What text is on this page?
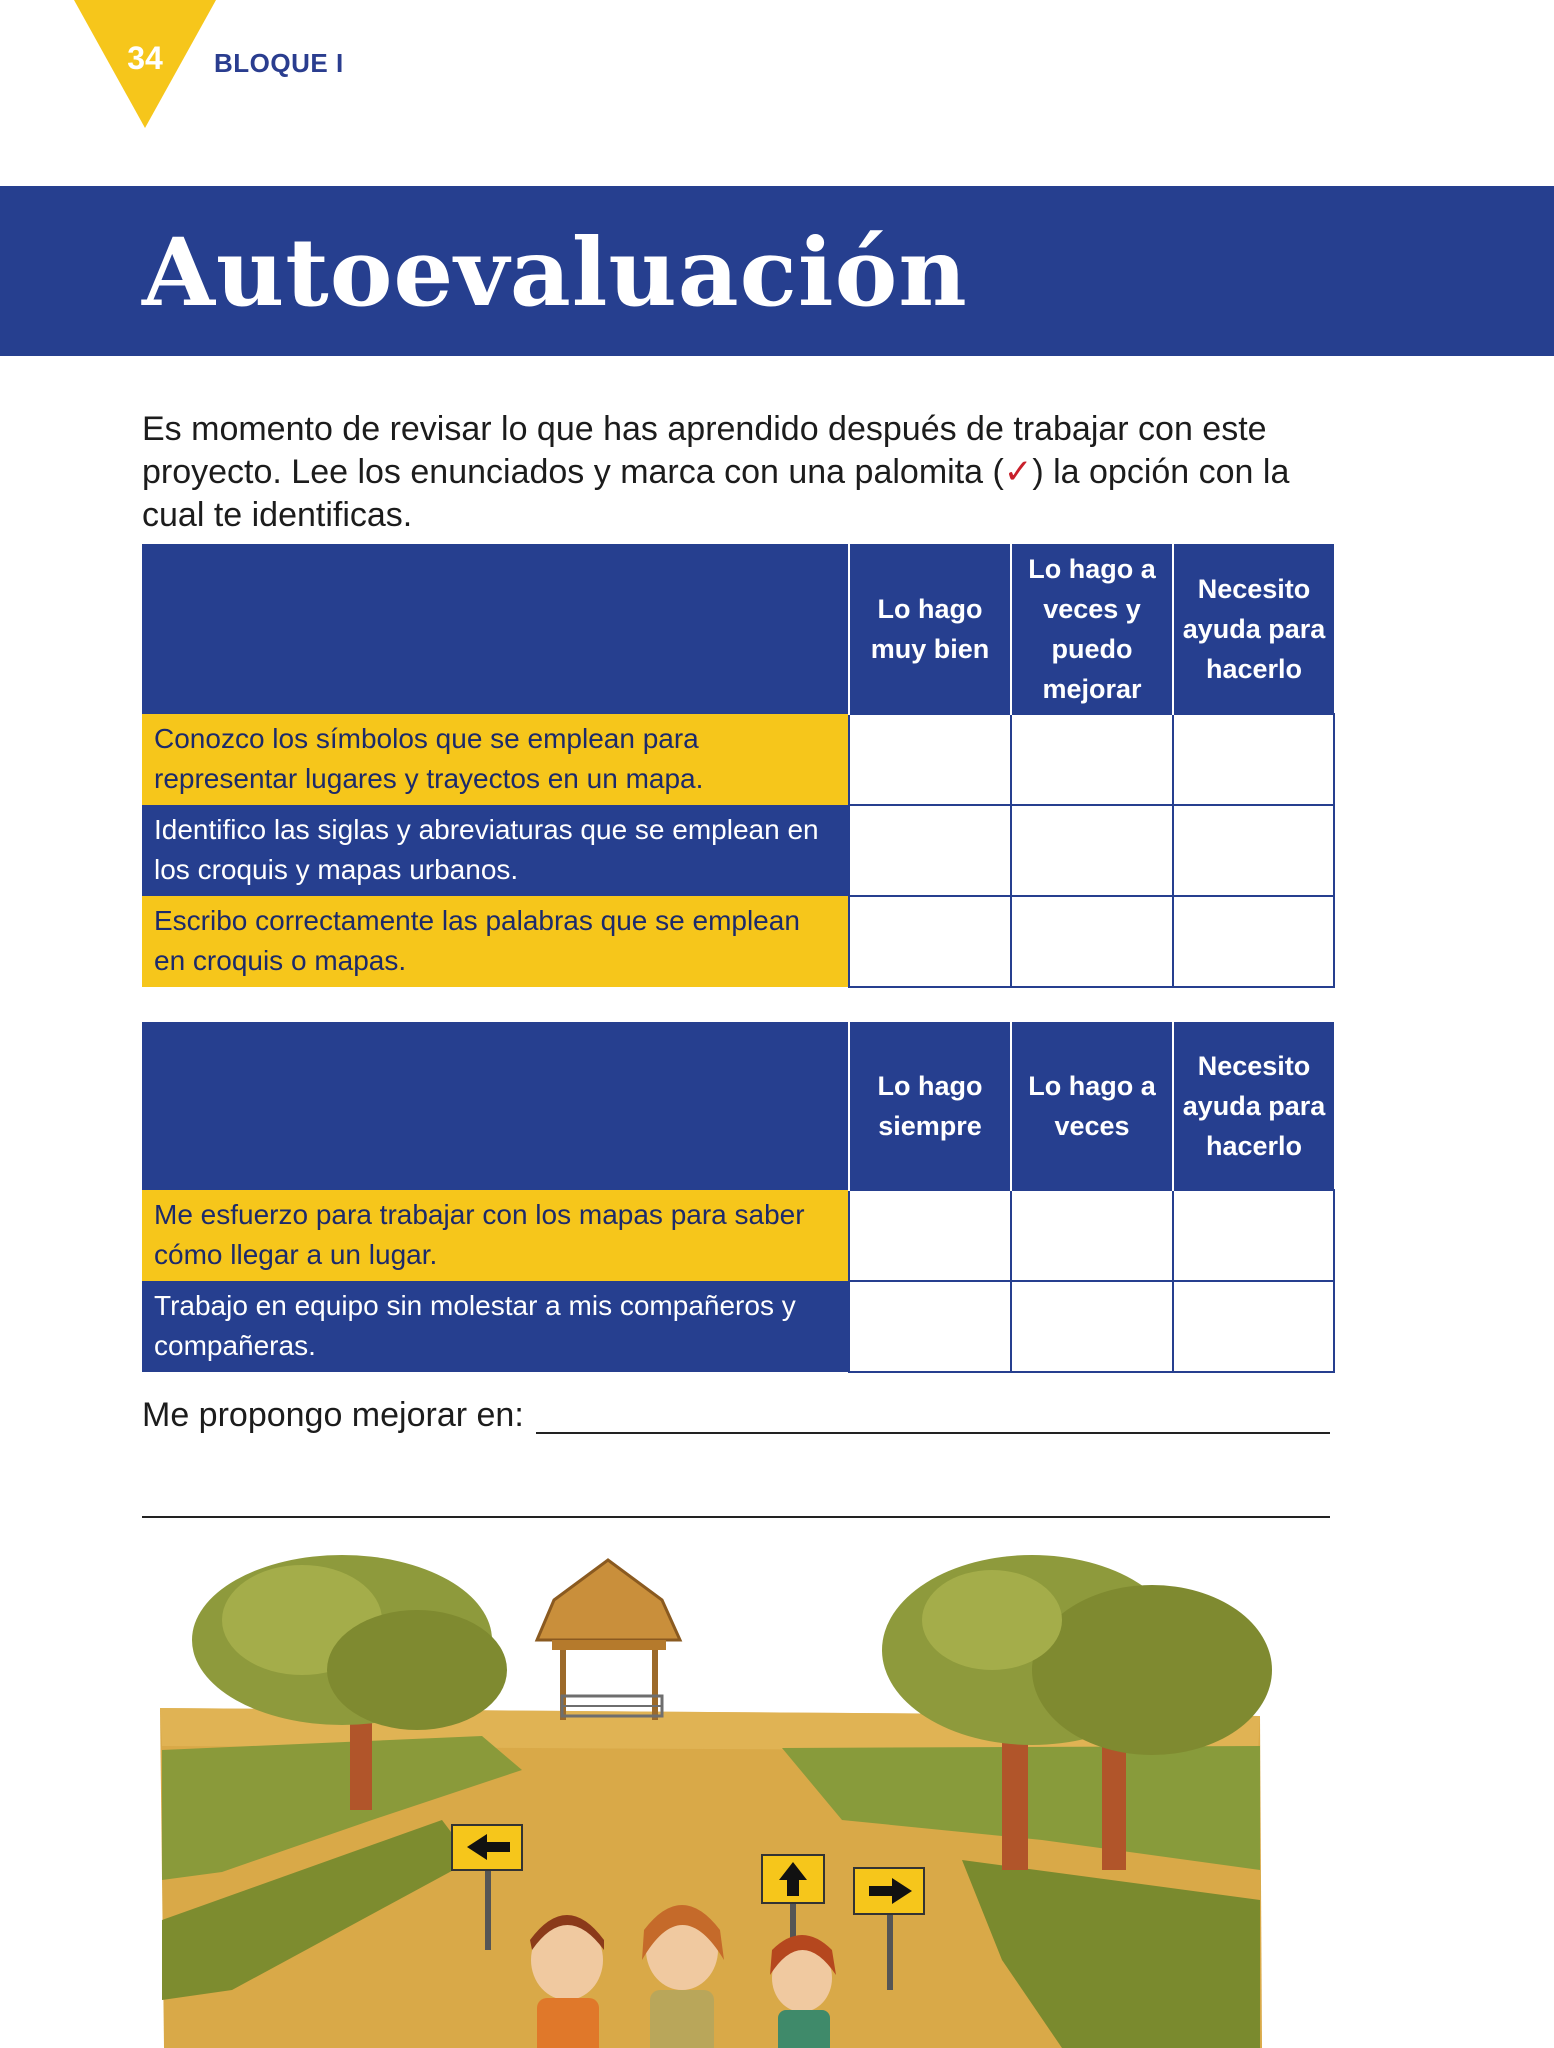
34 BLOQUE I
Autoevaluación
Es momento de revisar lo que has aprendido después de trabajar con este proyecto. Lee los enunciados y marca con una palomita (✓) la opción con la cual te identificas.
	Lo hago muy bien	Lo hago a veces y puedo mejorar	Necesito ayuda para hacerlo
Conozco los símbolos que se emplean para representar lugares y trayectos en un mapa.			
Identifico las siglas y abreviaturas que se emplean en los croquis y mapas urbanos.			
Escribo correctamente las palabras que se emplean en croquis o mapas.			
	Lo hago siempre	Lo hago a veces	Necesito ayuda para hacerlo
Me esfuerzo para trabajar con los mapas para saber cómo llegar a un lugar.			
Trabajo en equipo sin molestar a mis compañeros y compañeras.			
Me propongo mejorar en:
